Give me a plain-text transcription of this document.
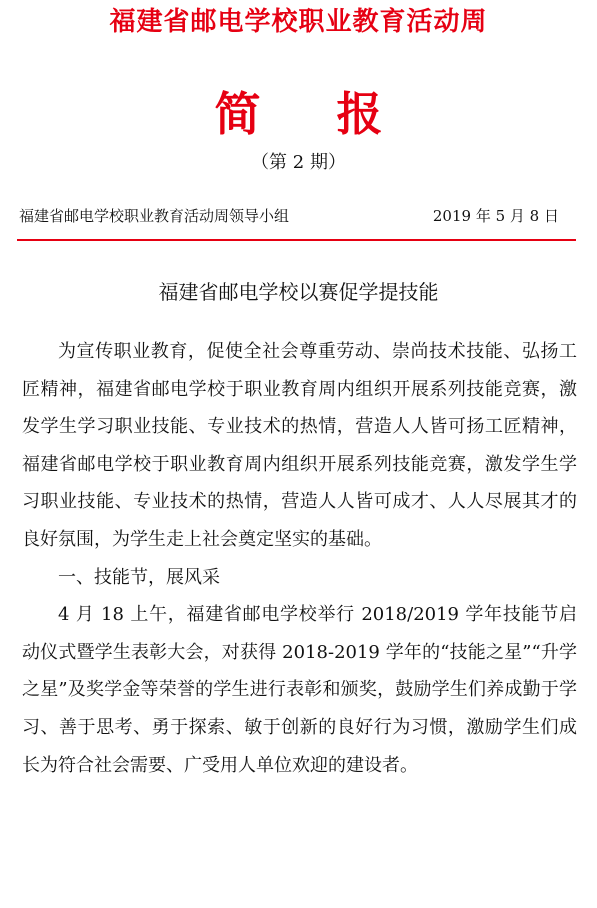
福建省邮电学校职业教育活动周
简 报
（第 2 期）
福建省邮电学校职业教育活动周领导小组	2019 年 5 月 8 日
福建省邮电学校以赛促学提技能

为宣传职业教育，促使全社会尊重劳动、崇尚技术技能、弘扬工匠精神，福建省邮电学校于职业教育周内组织开展系列技能竞赛，激发学生学习职业技能、专业技术的热情，营造人人皆可扬工匠精神，福建省邮电学校于职业教育周内组织开展系列技能竞赛，激发学生学习职业技能、专业技术的热情，营造人人皆可成才、人人尽展其才的良好氛围，为学生走上社会奠定坚实的基础。

一、技能节，展风采

4 月 18 上午，福建省邮电学校举行 2018/2019 学年技能节启动仪式暨学生表彰大会，对获得 2018-2019 学年的“技能之星”“升学之星”及奖学金等荣誉的学生进行表彰和颁奖，鼓励学生们养成勤于学习、善于思考、勇于探索、敏于创新的良好行为习惯，激励学生们成长为符合社会需要、广受用人单位欢迎的建设者。
